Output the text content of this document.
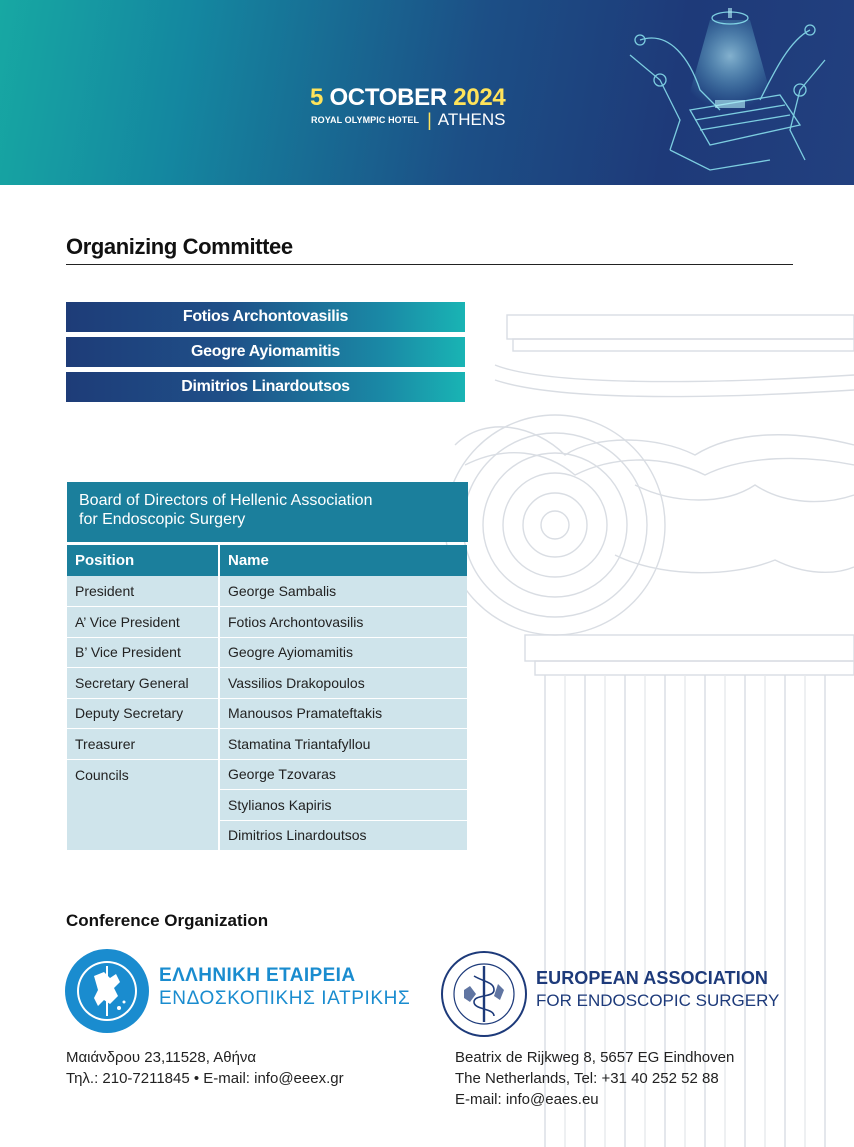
5 OCTOBER 2024
ROYAL OLYMPIC HOTEL | ATHENS
Organizing Committee
Fotios Archontovasilis
Geogre Ayiomamitis
Dimitrios Linardoutsos
Board of Directors of Hellenic Association
for Endoscopic Surgery
Position	Name
President	George Sambalis
A’ Vice President	Fotios Archontovasilis
B’ Vice President	Geogre Ayiomamitis
Secretary General	Vassilios Drakopoulos
Deputy Secretary	Manousos Pramateftakis
Treasurer	Stamatina Triantafyllou
Councils	George Tzovaras
	Stylianos Kapiris
	Dimitrios Linardoutsos
Conference Organization
ΕΛΛΗΝΙΚΗ ΕΤΑΙΡΕΙΑ
ΕΝΔΟΣΚΟΠΙΚΗΣ ΙΑΤΡΙΚΗΣ
Μαιάνδρου 23,11528, Αθήνα
Τηλ.: 210-7211845 • E-mail: info@eeex.gr
EUROPEAN ASSOCIATION
FOR ENDOSCOPIC SURGERY
Beatrix de Rijkweg 8, 5657 EG Eindhoven
The Netherlands, Tel: +31 40 252 52 88
E-mail: info@eaes.eu
